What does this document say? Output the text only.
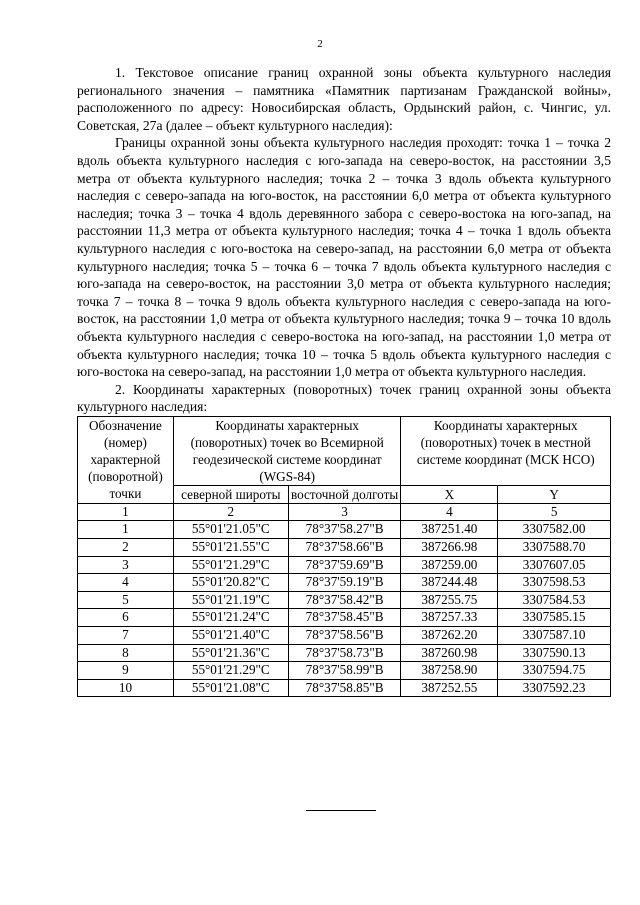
2

1. Текстовое описание границ охранной зоны объекта культурного наследия регионального значения – памятника «Памятник партизанам Гражданской войны», расположенного по адресу: Новосибирская область, Ордынский район, с. Чингис, ул. Советская, 27а (далее – объект культурного наследия):

Границы охранной зоны объекта культурного наследия проходят: точка 1 – точка 2 вдоль объекта культурного наследия с юго-запада на северо-восток, на расстоянии 3,5 метра от объекта культурного наследия; точка 2 – точка 3 вдоль объекта культурного наследия с северо-запада на юго-восток, на расстоянии 6,0 метра от объекта культурного наследия; точка 3 – точка 4 вдоль деревянного забора с северо-востока на юго-запад, на расстоянии 11,3 метра от объекта культурного наследия; точка 4 – точка 1 вдоль объекта культурного наследия с юго-востока на северо-запад, на расстоянии 6,0 метра от объекта культурного наследия; точка 5 – точка 6 – точка 7 вдоль объекта культурного наследия с юго-запада на северо-восток, на расстоянии 3,0 метра от объекта культурного наследия; точка 7 – точка 8 – точка 9 вдоль объекта культурного наследия с северо-запада на юго-восток, на расстоянии 1,0 метра от объекта культурного наследия; точка 9 – точка 10 вдоль объекта культурного наследия с северо-востока на юго-запад, на расстоянии 1,0 метра от объекта культурного наследия; точка 10 – точка 5 вдоль объекта культурного наследия с юго-востока на северо-запад, на расстоянии 1,0 метра от объекта культурного наследия.

2. Координаты характерных (поворотных) точек границ охранной зоны объекта культурного наследия:

Обозначение (номер) характерной (поворотной) точки	Координаты характерных (поворотных) точек во Всемирной геодезической системе координат (WGS-84)		Координаты характерных (поворотных) точек в местной системе координат (МСК НСО)	
	северной широты	восточной долготы	X	Y
1	2	3	4	5
1	55°01'21.05"С	78°37'58.27"В	387251.40	3307582.00
2	55°01'21.55"С	78°37'58.66"В	387266.98	3307588.70
3	55°01'21.29"С	78°37'59.69"В	387259.00	3307607.05
4	55°01'20.82"С	78°37'59.19"В	387244.48	3307598.53
5	55°01'21.19"С	78°37'58.42"В	387255.75	3307584.53
6	55°01'21.24"С	78°37'58.45"В	387257.33	3307585.15
7	55°01'21.40"С	78°37'58.56"В	387262.20	3307587.10
8	55°01'21.36"С	78°37'58.73"В	387260.98	3307590.13
9	55°01'21.29"С	78°37'58.99"В	387258.90	3307594.75
10	55°01'21.08"С	78°37'58.85"В	387252.55	3307592.23
